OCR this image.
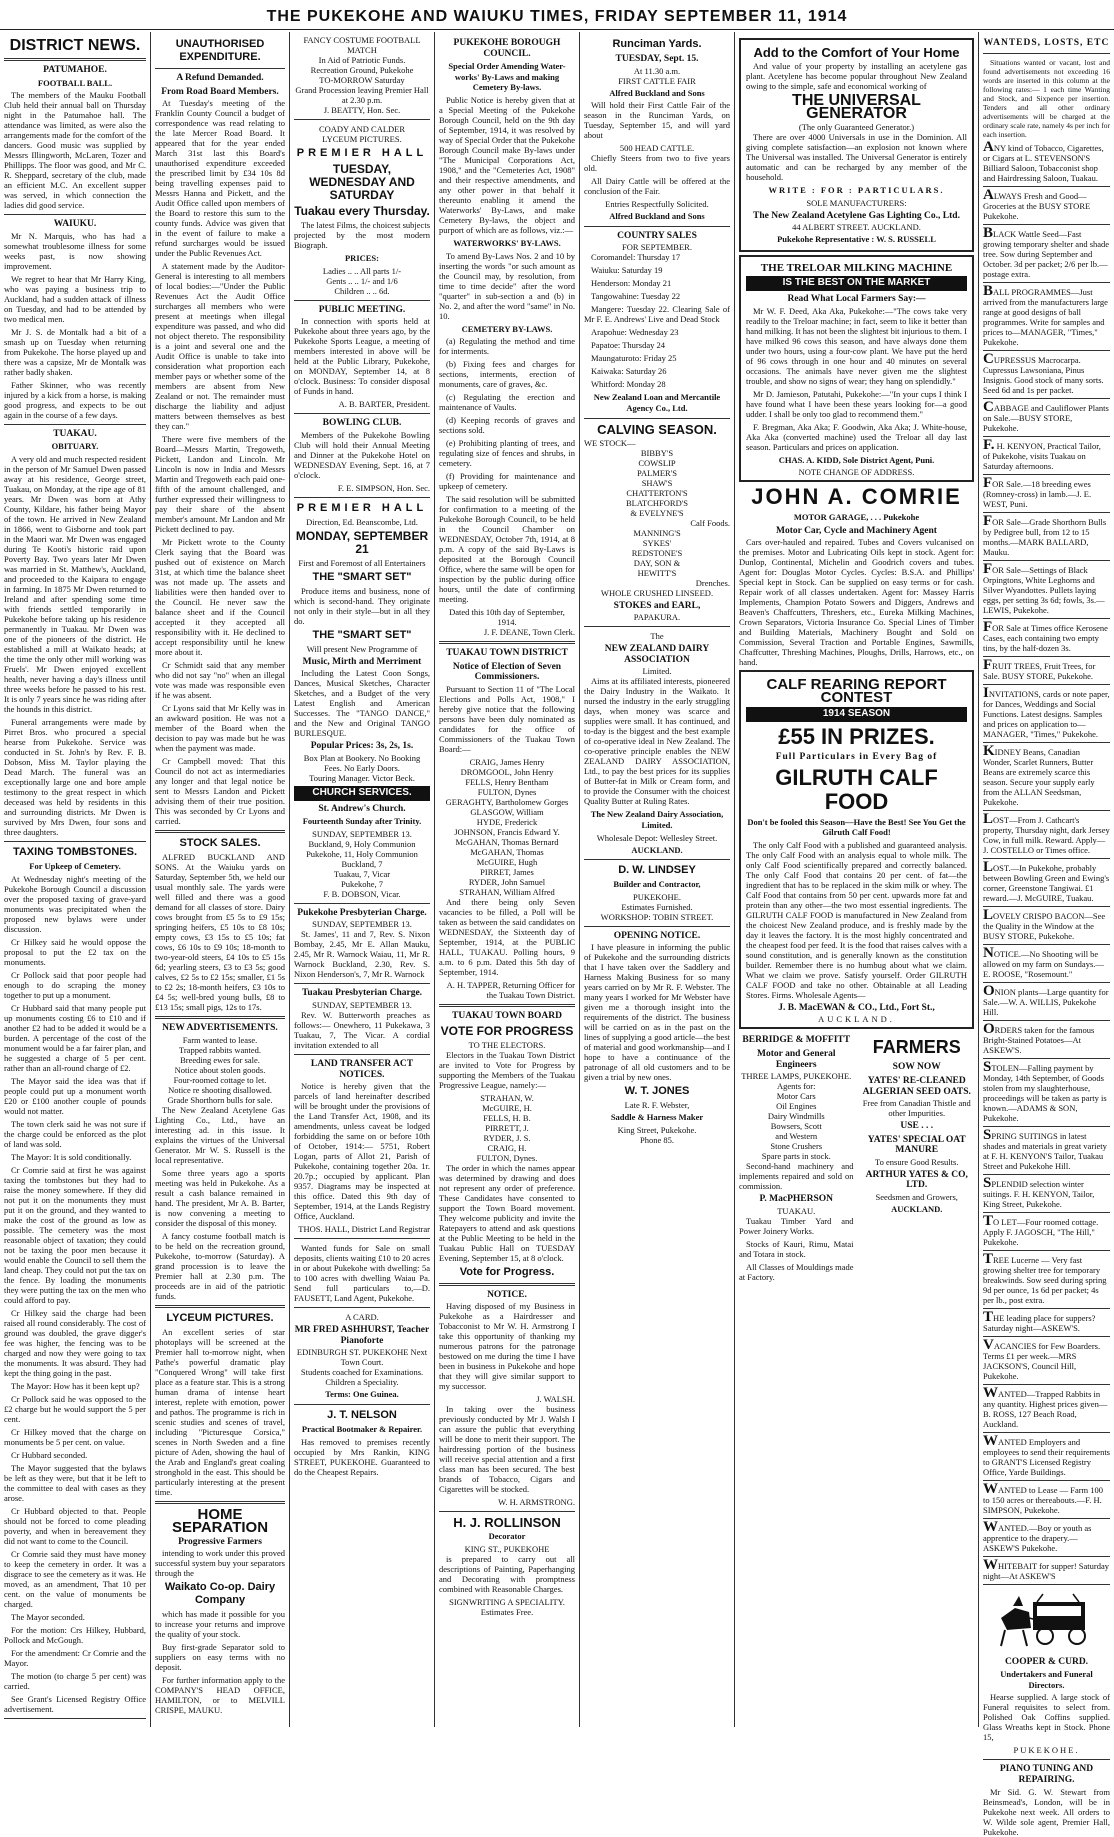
THE PUKEKOHE AND WAIUKU TIMES, FRIDAY SEPTEMBER 11, 1914
DISTRICT NEWS.
PATUMAHOE.
FOOTBALL BALL.
The members of the Mauku Football Club held their annual ball on Thursday night in the Patumahoe hall. The attendance was limited, as were also the arrangements made for the comfort of the dancers. Good music was supplied by Messrs Illingworth, McLaren, Tozer and Phillipps. The floor was good, and Mr C. R. Sheppard, secretary of the club, made an efficient M.C. An excellent supper was served, in which connection the ladies did good service.
WAIUKU.
Mr N. Marquis, who has had a somewhat troublesome illness for some weeks past, is now showing improvement.
We regret to hear that Mr Harry King, who was paying a business trip to Auckland, had a sudden attack of illness on Tuesday, and had to be attended by two medical men.
Mr J. S. de Montalk had a bit of a smash up on Tuesday when returning from Pukekohe. The horse played up and there was a capsize, Mr de Montalk was rather badly shaken.
Father Skinner, who was recently injured by a kick from a horse, is making good progress, and expects to be out again in the course of a few days.
TUAKAU.
OBITUARY.
A very old and much respected resident in the person of Mr Samuel Dwen passed away at his residence, George street, Tuakau, on Monday, at the ripe age of 81 years. Mr Dwen was born at Athy County, Kildare, his father being Mayor of the town. He arrived in New Zealand in 1866, went to Gisborne and took part in the Maori war. Mr Dwen was engaged during Te Kooti's historic raid upon Poverty Bay. Two years later Mr Dwen was married in St. Matthew's, Auckland, and proceeded to the Kaipara to engage in farming. In 1875 Mr Dwen returned to Ireland and after spending some time with friends settled temporarily in Pukekohe before taking up his residence permanently in Tuakau. Mr Dwen was one of the pioneers of the district. He established a mill at Waikato heads; at the time the only other mill working was Fruels'. Mr Dwen enjoyed excellent health, never having a day's illness until three weeks before he passed to his rest. It is only 7 years since he was riding after the hounds in this district.
Funeral arrangements were made by Pirret Bros. who procured a special hearse from Pukekohe. Service was conducted in St. John's by Rev. F. B. Dobson, Miss M. Taylor playing the Dead March. The funeral was an exceptionally large one and bore ample testimony to the great respect in which deceased was held by residents in this and surrounding districts. Mr Dwen is survived by Mrs Dwen, four sons and three daughters.
TAXING TOMBSTONES.
For Upkeep of Cemetery.
At Wednesday night's meeting of the Pukekohe Borough Council a discussion over the proposed taxing of grave-yard monuments was precipitated when the proposed new bylaws were under discussion.
Cr Hilkey said he would oppose the proposal to put the £2 tax on the monuments.
Cr Pollock said that poor people had enough to do scraping the money together to put up a monument.
Cr Hubbard said that many people put up monuments costing £6 to £10 and if another £2 had to be added it would be a burden. A percentage of the cost of the monument would be a far fairer plan, and he suggested a charge of 5 per cent. rather than an all-round charge of £2.
The Mayor said the idea was that if people could put up a monument worth £20 or £100 another couple of pounds would not matter.
The town clerk said he was not sure if the charge could be enforced as the plot of land was sold.
The Mayor: It is sold conditionally.
Cr Comrie said at first he was against taxing the tombstones but they had to raise the money somewhere. If they did not put it on the monuments they must put it on the ground, and they wanted to make the cost of the ground as low as possible. The cemetery was the most reasonable object of taxation; they could not be taxing the poor men because it would enable the Council to sell them the land cheap. They could not put the tax on the fence. By loading the monuments they were putting the tax on the men who could afford to pay.
Cr Hilkey said the charge had been raised all round considerably. The cost of ground was doubled, the grave digger's fee was higher, the fencing was to be charged and now they were going to tax the monuments. It was absurd. They had kept the thing going in the past.
The Mayor: How has it been kept up?
Cr Pollock said he was opposed to the £2 charge but he would support the 5 per cent.
Cr Hilkey moved that the charge on monuments be 5 per cent. on value.
Cr Hubbard seconded.
The Mayor suggested that the bylaws be left as they were, but that it be left to the committee to deal with cases as they arose.
Cr Hubbard objected to that. People should not be forced to come pleading poverty, and when in bereavement they did not want to come to the Council.
Cr Comrie said they must have money to keep the cemetery in order. It was a disgrace to see the cemetery as it was. He moved, as an amendment, That 10 per cent. on the value of monuments be charged.
The Mayor seconded.
For the motion: Crs Hilkey, Hubbard, Pollock and McGough.
For the amendment: Cr Comrie and the Mayor.
The motion (to charge 5 per cent) was carried.
See Grant's Licensed Registry Office advertisement.
UNAUTHORISED EXPENDITURE.
A Refund Demanded.
From Road Board Members.
At Tuesday's meeting of the Franklin County Council a budget of correspondence was read relating to the late Mercer Road Board. It appeared that for the year ended March 31st last this Board's unauthorised expenditure exceeded the prescribed limit by £34 10s 8d being travelling expenses paid to Messrs Hanna and Pickett, and the Audit Office called upon members of the Board to restore this sum to the county funds. Advice was given that in the event of failure to make a refund surcharges would be issued under the Public Revenues Act.
A statement made by the Auditor-General is interesting to all members of local bodies:—"Under the Public Revenues Act the Audit Office surcharges all members who were present at meetings when illegal expenditure was passed, and who did not object thereto. The responsibility is a joint and several one and the Audit Office is unable to take into consideration what proportion each member pays or whether some of the members are absent from New Zealand or not. The remainder must discharge the liability and adjust matters between themselves as best they can."
There were five members of the Board—Messrs Martin, Tregoweth, Pickett, Landon and Lincoln. Mr Lincoln is now in India and Messrs Martin and Tregoweth each paid one-fifth of the amount challenged, and further expressed their willingness to pay their share of the absent member's amount. Mr Landon and Mr Pickett declined to pay.
Mr Pickett wrote to the County Clerk saying that the Board was pushed out of existence on March 31st, at which time the balance sheet was not made up. The assets and liabilities were then handed over to the Council. He never saw the balance sheet and if the Council accepted it they accepted all responsibility with it. He declined to accept responsibility until he knew more about it.
Cr Schmidt said that any member who did not say "no" when an illegal vote was made was responsible even if he was absent.
Cr Lyons said that Mr Kelly was in an awkward position. He was not a member of the Board when the decision to pay was made but he was when the payment was made.
Cr Campbell moved: That this Council do not act as intermediaries any longer and that legal notice be sent to Messrs Landon and Pickett advising them of their true position. This was seconded by Cr Lyons and carried.
STOCK SALES.
ALFRED BUCKLAND AND SONS. At the Waiuku yards on Saturday, September 5th, we held our usual monthly sale. The yards were well filled and there was a good demand for all classes of store. Dairy cows brought from £5 5s to £9 15s; springing heifers, £5 10s to £8 10s; empty cows, £3 15s to £5 10s; fat cows, £6 10s to £9 10s; 18-month to two-year-old steers, £4 10s to £5 15s 6d; yearling steers, £3 to £3 5s; good calves, £2 5s to £2 15s; smaller, £1 5s to £2 2s; 18-month heifers, £3 10s to £4 5s; well-bred young bulls, £8 to £13 15s; small pigs, 12s to 17s.
NEW ADVERTISEMENTS.
Farm wanted to lease.
Trapped rabbits wanted.
Breeding ewes for sale.
Notice about stolen goods.
Four-roomed cottage to let.
Notice re shooting disallowed.
Grade Shorthorn bulls for sale.
The New Zealand Acetylene Gas Lighting Co., Ltd., have an interesting ad. in this issue. It explains the virtues of the Universal Generator. Mr W. S. Russell is the local representative.
Some three years ago a sports meeting was held in Pukekohe. As a result a cash balance remained in hand. The president, Mr A. B. Barter, is now convening a meeting to consider the disposal of this money.
A fancy costume football match is to be held on the recreation ground, Pukekohe, to-morrow (Saturday). A grand procession is to leave the Premier hall at 2.30 p.m. The proceeds are in aid of the patriotic funds.
LYCEUM PICTURES.
An excellent series of star photoplays will be screened at the Premier hall to-morrow night, when Pathe's powerful dramatic play "Conquered Wrong" will take first place as a feature star. This is a strong human drama of intense heart interest, replete with emotion, power and pathos. The programme is rich in scenic studies and scenes of travel, including "Picturesque Corsica," scenes in North Sweden and a fine picture of Aden, showing the haul of the Arab and England's great coaling stronghold in the east. This should be particularly interesting at the present time.
HOME SEPARATION
Progressive Farmers
intending to work under this proved successful system buy your separators through the
Waikato Co-op. Dairy Company
which has made it possible for you to increase your returns and improve the quality of your stock.
Buy first-grade Separator sold to suppliers on easy terms with no deposit.
For further information apply to the COMPANY'S HEAD OFFICE, HAMILTON, or to MELVILL CRISPE, MAUKU.
FANCY COSTUME FOOTBALL MATCH
In Aid of Patriotic Funds.
Recreation Ground, Pukekohe
TO-MORROW Saturday
Grand Procession leaving Premier Hall at 2.30 p.m.
J. BEATTY, Hon. Sec.
COADY AND CALDER
LYCEUM PICTURES.
PREMIER HALL
TUESDAY, WEDNESDAY AND SATURDAY
Tuakau every Thursday.
The latest Films, the choicest subjects projected by the most modern Biograph.
PRICES:
Ladies .. .. All parts 1/-
Gents .. .. 1/- and 1/6
Children .. .. 6d.
PUBLIC MEETING.
In connection with sports held at Pukekohe about three years ago, by the Pukekohe Sports League, a meeting of members interested in above will be held at the Public Library, Pukekohe, on MONDAY, September 14, at 8 o'clock. Business: To consider disposal of Funds in hand.
A. B. BARTER, President.
BOWLING CLUB.
Members of the Pukekohe Bowling Club will hold their Annual Meeting and Dinner at the Pukekohe Hotel on WEDNESDAY Evening, Sept. 16, at 7 o'clock.
F. E. SIMPSON, Hon. Sec.
PREMIER HALL
Direction, Ed. Beanscombe, Ltd.
MONDAY, SEPTEMBER 21
First and Foremost of all Entertainers
THE "SMART SET"
Produce items and business, none of which is second-hand. They originate not only in their style—but in all they do.
THE "SMART SET"
Will present New Programme of
Music, Mirth and Merriment
Including the Latest Coon Songs, Dances, Musical Sketches, Character Sketches, and a Budget of the very Latest English and American Successes. The "TANGO DANCE," and the New and Original TANGO BURLESQUE.
Popular Prices: 3s, 2s, 1s.
Box Plan at Bookery. No Booking Fees. No Early Doors.
Touring Manager. Victor Beck.
CHURCH SERVICES.
St. Andrew's Church.
Fourteenth Sunday after Trinity.
SUNDAY, SEPTEMBER 13.
Buckland, 9, Holy Communion
Pukekohe, 11, Holy Communion
Buckland, 7
Tuakau, 7, Vicar
Pukekohe, 7
F. B. DOBSON, Vicar.
Pukekohe Presbyterian Charge.
SUNDAY, SEPTEMBER 13.
St. James', 11 and 7, Rev. S. Nixon Bombay, 2.45, Mr E. Allan Mauku, 2.45, Mr R. Warnock Waiau, 11, Mr R. Warnock Buckland, 2.30, Rev. S. Nixon Henderson's, 7, Mr R. Warnock
Tuakau Presbyterian Charge.
SUNDAY, SEPTEMBER 13.
Rev. W. Butterworth preaches as follows:— Onewhero, 11 Pukekawa, 3 Tuakau, 7, The Vicar. A cordial invitation extended to all
LAND TRANSFER ACT NOTICES.
Notice is hereby given that the parcels of land hereinafter described will be brought under the provisions of the Land Transfer Act, 1908, and its amendments, unless caveat be lodged forbidding the same on or before 10th of October, 1914:— 5751, Robert Logan, parts of Allot 21, Parish of Pukekohe, containing together 20a. 1r. 20.7p.; occupied by applicant. Plan 9357. Diagrams may be inspected at this office. Dated this 9th day of September, 1914, at the Lands Registry Office, Auckland.
THOS. HALL, District Land Registrar
Wanted funds for Sale on small deposits, clients waiting £10 to 20 acres in or about Pukekohe with dwelling: 5a to 100 acres with dwelling Waiau Pa. Send full particulars to,—D. FAUSETT, Land Agent, Pukekohe.
A CARD.
MR FRED ASHHURST, Teacher Pianoforte
EDINBURGH ST. PUKEKOHE Next Town Court.
Students coached for Examinations. Children a Speciality.
Terms: One Guinea.
J. T. NELSON
Practical Bootmaker & Repairer.
Has removed to premises recently occupied by Mrs Rankin, KING STREET, PUKEKOHE. Guaranteed to do the Cheapest Repairs.
PUKEKOHE BOROUGH COUNCIL.
Special Order Amending Water-works' By-Laws and making Cemetery By-laws.
Public Notice is hereby given that at a Special Meeting of the Pukekohe Borough Council, held on the 9th day of September, 1914, it was resolved by way of Special Order that the Pukekohe Borough Council make By-laws under "The Municipal Corporations Act, 1908," and the "Cemeteries Act, 1908" and their respective amendments, and any other power in that behalf it thereunto enabling it amend the Waterworks' By-Laws, and make Cemetery By-laws, the object and purport of which are as follows, viz.:—
WATERWORKS' BY-LAWS.
To amend By-Laws Nos. 2 and 10 by inserting the words "or such amount as the Council may, by resolution, from time to time decide" after the word "quarter" in sub-section a and (b) in No. 2, and after the word "same" in No. 10.
CEMETERY BY-LAWS.
(a) Regulating the method and time for interments.
(b) Fixing fees and charges for sections, interments, erection of monuments, care of graves, &c.
(c) Regulating the erection and maintenance of Vaults.
(d) Keeping records of graves and sections sold.
(e) Prohibiting planting of trees, and regulating size of fences and shrubs, in cemetery.
(f) Providing for maintenance and upkeep of cemetery.
The said resolution will be submitted for confirmation to a meeting of the Pukekohe Borough Council, to be held in the Council Chamber on WEDNESDAY, October 7th, 1914, at 8 p.m. A copy of the said By-Laws is deposited at the Borough Council Office, where the same will be open for inspection by the public during office hours, until the date of confirming meeting.
Dated this 10th day of September, 1914.
J. F. DEANE, Town Clerk.
TUAKAU TOWN DISTRICT
Notice of Election of Seven Commissioners.
Pursuant to Section 11 of "The Local Elections and Polls Act, 1908," I hereby give notice that the following persons have been duly nominated as candidates for the office of Commissioners of the Tuakau Town Board:—
CRAIG, James Henry
DROMGOOL, John Henry
FELLS, Henry Bentham
FULTON, Dynes
GERAGHTY, Bartholomew Gorges
GLASGOW, William
HYDE, Frederick
JOHNSON, Francis Edward Y.
McGAHAN, Thomas Bernard
McGAHAN, Thomas
McGUIRE, Hugh
PIRRET, James
RYDER, John Samuel
STRAHAN, William Alfred
And there being only Seven vacancies to be filled, a Poll will be taken as between the said candidates on WEDNESDAY, the Sixteenth day of September, 1914, at the PUBLIC HALL, TUAKAU. Polling hours, 9 a.m. to 6 p.m. Dated this 5th day of September, 1914.
A. H. TAPPER, Returning Officer for the Tuakau Town District.
TUAKAU TOWN BOARD
VOTE FOR PROGRESS
TO THE ELECTORS.
Electors in the Tuakau Town District are invited to Vote for Progress by supporting the Members of the Tuakau Progressive League, namely:—
STRAHAN, W.
McGUIRE, H.
FELLS, H. B.
PIRRETT, J.
RYDER, J. S.
CRAIG, H.
FULTON, Dynes.
The order in which the names appear was determined by drawing and does not represent any order of preference. These Candidates have consented to support the Town Board movement. They welcome publicity and invite the Ratepayers to attend and ask questions at the Public Meeting to be held in the Tuakau Public Hall on TUESDAY Evening, September 15, at 8 o'clock.
Vote for Progress.
NOTICE.
Having disposed of my Business in Pukekohe as a Hairdresser and Tobacconist to Mr W. H. Armstrong I take this opportunity of thanking my numerous patrons for the patronage bestowed on me during the time I have been in business in Pukekohe and hope that they will give similar support to my successor.
J. WALSH.
In taking over the business previously conducted by Mr J. Walsh I can assure the public that everything will be done to merit their support. The hairdressing portion of the business will receive special attention and a first class man has been secured. The best brands of Tobacco, Cigars and Cigarettes will be stocked.
W. H. ARMSTRONG.
H. J. ROLLINSON
Decorator
KING ST., PUKEKOHE
is prepared to carry out all descriptions of Painting, Paperhanging and Decorating with promptness combined with Reasonable Charges.
SIGNWRITING A SPECIALITY.
Estimates Free.
Runciman Yards.
TUESDAY, Sept. 15.
At 11.30 a.m.
FIRST CATTLE FAIR
Alfred Buckland and Sons
Will hold their First Cattle Fair of the season in the Runciman Yards, on Tuesday, September 15, and will yard about
500 HEAD CATTLE.
Chiefly Steers from two to five years old.
All Dairy Cattle will be offered at the conclusion of the Fair.
Entries Respectfully Solicited.
Alfred Buckland and Sons
COUNTRY SALES
FOR SEPTEMBER.
Coromandel: Thursday 17
Waiuku: Saturday 19
Henderson: Monday 21
Tangowahine: Tuesday 22
Mangere: Tuesday 22. Clearing Sale of Mr F. E. Andrews' Live and Dead Stock
Arapohue: Wednesday 23
Papatoe: Thursday 24
Maungaturoto: Friday 25
Kaiwaka: Saturday 26
Whitford: Monday 28
New Zealand Loan and Mercantile Agency Co., Ltd.
CALVING SEASON.
WE STOCK—
BIBBY'S
COWSLIP
PALMER'S
SHAW'S
CHATTERTON'S
BLATCHFORD'S
& EVELYNE'S
Calf Foods.
MANNING'S
SYKES'
REDSTONE'S
DAY, SON &
HEWITT'S
Drenches.
WHOLE CRUSHED LINSEED.
STOKES and EARL,
PAPAKURA.
The
NEW ZEALAND DAIRY ASSOCIATION
Limited.
Aims at its affiliated interests, pioneered the Dairy Industry in the Waikato. It nursed the industry in the early struggling days, when money was scarce and supplies were small. It has continued, and to-day is the biggest and the best example of co-operative ideal in New Zealand. The co-operative principle enables the NEW ZEALAND DAIRY ASSOCIATION, Ltd., to pay the best prices for its supplies of Butter-fat in Milk or Cream form, and to provide the Consumer with the choicest Quality Butter at Ruling Rates.
The New Zealand Dairy Association, Limited.
Wholesale Depot: Wellesley Street.
AUCKLAND.
D. W. LINDSEY
Builder and Contractor,
PUKEKOHE.
Estimates Furnished.
WORKSHOP: TOBIN STREET.
OPENING NOTICE.
I have pleasure in informing the public of Pukekohe and the surrounding districts that I have taken over the Saddlery and Harness Making Business for so many years carried on by Mr R. F. Webster. The many years I worked for Mr Webster have given me a thorough insight into the requirements of the district. The business will be carried on as in the past on the lines of supplying a good article—the best of material and good workmanship—and I hope to have a continuance of the patronage of all old customers and to be given a trial by new ones.
W. T. JONES
Late R. F. Webster,
Saddle & Harness Maker
King Street, Pukekohe.
Phone 85.
Add to the Comfort of Your Home
And value of your property by installing an acetylene gas plant. Acetylene has become popular throughout New Zealand owing to the simple, safe and economical working of
THE UNIVERSAL GENERATOR
(The only Guaranteed Generator.)
There are over 4000 Universals in use in the Dominion. All giving complete satisfaction—an explosion not known where The Universal was installed. The Universal Generator is entirely automatic and can be recharged by any member of the household.
WRITE : FOR : PARTICULARS.
SOLE MANUFACTURERS:
The New Zealand Acetylene Gas Lighting Co., Ltd.
44 ALBERT STREET. AUCKLAND.
Pukekohe Representative : W. S. RUSSELL
THE TRELOAR MILKING MACHINE
IS THE BEST ON THE MARKET
Read What Local Farmers Say:—
Mr W. F. Deed, Aka Aka, Pukekohe:—"The cows take very readily to the Treloar machine; in fact, seem to like it better than hand milking. It has not been the slightest bit injurious to them. I have milked 96 cows this season, and have always done them under two hours, using a four-cow plant. We have put the herd of 96 cows through in one hour and 40 minutes on several occasions. The animals have never given me the slightest trouble, and show no signs of wear; they hang on splendidly."
Mr D. Jamieson, Patutahi, Pukekohe:—"In your cups I think I have found what I have been these years looking for—a good udder. I shall be only too glad to recommend them."
F. Bregman, Aka Aka; F. Goodwin, Aka Aka; J. White-house, Aka Aka (converted machine) used the Treloar all day last season. Particulars and prices on application.
CHAS. A. KIDD, Sole District Agent, Puni.
NOTE CHANGE OF ADDRESS.
JOHN A. COMRIE
MOTOR GARAGE, . . . Pukekohe
Motor Car, Cycle and Machinery Agent
Cars over-hauled and repaired. Tubes and Covers vulcanised on the premises. Motor and Lubricating Oils kept in stock. Agent for: Dunlop, Continental, Michelin and Goodrich covers and tubes. Agent for: Douglas Motor Cycles. Cycles: B.S.A. and Phillips' Special kept in Stock. Can be supplied on easy terms or for cash. Repair work of all classes undertaken. Agent for: Massey Harris Implements, Champion Potato Sowers and Diggers, Andrews and Beaven's Chaffcutters, Threshers, etc., Eureka Milking Machines, Crown Separators, Victoria Insurance Co. Special Lines of Timber and Building Materials, Machinery Bought and Sold on Commission, Several Traction and Portable Engines, Sawmills, Chaffcutter, Threshing Machines, Ploughs, Drills, Harrows, etc., on hand.
CALF REARING REPORT CONTEST
1914 SEASON
£55 IN PRIZES.
Full Particulars in Every Bag of
GILRUTH CALF FOOD
Don't be fooled this Season—Have the Best! See You Get the Gilruth Calf Food!
The only Calf Food with a published and guaranteed analysis. The only Calf Food with an analysis equal to whole milk. The only Calf Food scientifically prepared and correctly balanced. The only Calf Food that contains 20 per cent. of fat—the ingredient that has to be replaced in the skim milk or whey. The Calf Food that contains from 50 per cent. upwards more fat and protein than any other—the two most essential ingredients. The GILRUTH CALF FOOD is manufactured in New Zealand from the choicest New Zealand produce, and is freshly made by the day it leaves the factory. It is the most highly concentrated and the cheapest food per feed. It is the food that raises calves with a sound constitution, and is generally known as the constitution builder. Remember there is no humbug about what we claim. What we claim we prove. Satisfy yourself. Order GILRUTH CALF FOOD and take no other. Obtainable at all Leading Stores. Firms. Wholesale Agents—
J. B. MacEWAN & CO., Ltd., Fort St.,
AUCKLAND.
BERRIDGE & MOFFITT
Motor and General Engineers
THREE LAMPS, PUKEKOHE.
Agents for:
Motor Cars
Oil Engines
Dairy Windmills
Bowsers, Scott
and Western
Stone Crushers
Spare parts in stock.
Second-hand machinery and implements repaired and sold on commission.
P. MacPHERSON
TUAKAU.
Tuakau Timber Yard and Power Joinery Works.
Stocks of Kauri, Rimu, Matai and Totara in stock.
All Classes of Mouldings made at Factory.
FARMERS
SOW NOW
YATES' RE-CLEANED ALGERIAN SEED OATS.
Free from Canadian Thistle and other Impurities.
USE . . .
YATES' SPECIAL OAT MANURE
To ensure Good Results.
ARTHUR YATES & CO, LTD.
Seedsmen and Growers,
AUCKLAND.
WANTEDS, LOSTS, ETC
Situations wanted or vacant, lost and found advertisements not exceeding 16 words are inserted in this column at the following rates:— 1 each time Wanting and Stock, and Sixpence per insertion. Tenders and all other ordinary advertisements will be charged at the ordinary scale rate, namely 4s per inch for each insertion.
ANY kind of Tobacco, Cigarettes, or Cigars at L. STEVENSON'S Billiard Saloon, Tobacconist shop and Hairdressing Saloon, Tuakau.
ALWAYS Fresh and Good—Groceries at the BUSY STORE Pukekohe.
BLACK Wattle Seed—Fast growing temporary shelter and shade tree. Sow during September and October. 3d per packet; 2/6 per lb.—postage extra.
BALL PROGRAMMES—Just arrived from the manufacturers large range at good designs of ball programmes. Write for samples and prices to—MANAGER, "Times," Pukekohe.
CUPRESSUS Macrocarpa. Cupressus Lawsoniana, Pinus Insignis. Good stock of many sorts. Seed 6d and 1s per packet.
CABBAGE and Cauliflower Plants on Sale.—BUSY STORE, Pukekohe.
F. H. KENYON, Practical Tailor, of Pukekohe, visits Tuakau on Saturday afternoons.
FOR Sale.—18 breeding ewes (Romney-cross) in lamb.—J. E. WEST, Puni.
FOR Sale—Grade Shorthorn Bulls by Pedigree bull, from 12 to 15 months.—MARK BALLARD, Mauku.
FOR Sale—Settings of Black Orpingtons, White Leghorns and Silver Wyandottes. Pullets laying eggs, per setting 3s 6d; fowls, 3s.—LEWIS, Pukekohe.
FOR Sale at Times office Kerosene Cases, each containing two empty tins, by the half-dozen 3s.
FRUIT TREES, Fruit Trees, for Sale. BUSY STORE, Pukekohe.
INVITATIONS, cards or note paper, for Dances, Weddings and Social Functions. Latest designs. Samples and prices on application to—MANAGER, "Times," Pukekohe.
KIDNEY Beans, Canadian Wonder, Scarlet Runners, Butter Beans are extremely scarce this season. Secure your supply early from the ALLAN Seedsman, Pukekohe.
LOST—From J. Cathcart's property, Thursday night, dark Jersey Cow, in full milk. Reward. Apply—J. COSTELLO or Times office.
LOST.—In Pukekohe, probably between Bowling Green and Ewing's corner, Greenstone Tangiwai. £1 reward.—J. McGUIRE, Tuakau.
LOVELY CRISPO BACON—See the Quality in the Window at the BUSY STORE, Pukekohe.
NOTICE.—No Shooting will be allowed on my farm on Sundays.—E. ROOSE, "Rosemount."
ONION plants—Large quantity for Sale.—W. A. WILLIS, Pukekohe Hill.
ORDERS taken for the famous Bright-Stained Potatoes—At ASKEW'S.
STOLEN—Falling payment by Monday, 14th September, of Goods stolen from my slaughterhouse, proceedings will be taken as party is known.—ADAMS & SON, Pukekohe.
SPRING SUITINGS in latest shades and materials in great variety at F. H. KENYON'S Tailor, Tuakau Street and Pukekohe Hill.
SPLENDID selection winter suitings. F. H. KENYON, Tailor, King Street, Pukekohe.
TO LET—Four roomed cottage. Apply F. JAGOSCH, "The Hill," Pukekohe.
TREE Lucerne — Very fast growing shelter tree for temporary breakwinds. Sow seed during spring 9d per ounce, 1s 6d per packet; 4s per lb., post extra.
THE leading place for suppers? Saturday night—ASKEW'S.
VACANCIES for Few Boarders. Terms £1 per week.—MRS JACKSON'S, Council Hill, Pukekohe.
WANTED—Trapped Rabbits in any quantity. Highest prices given—B. ROSS, 127 Beach Road, Auckland.
WANTED Employers and employees to send their requirements to GRANT'S Licensed Registry Office, Yarde Buildings.
WANTED to Lease — Farm 100 to 150 acres or thereabouts.—F. H. SIMPSON, Pukekohe.
WANTED.—Boy or youth as apprentice to the drapery.—ASKEW'S Pukekohe.
WHITEBAIT for supper! Saturday night—At ASKEW'S
COOPER & CURD.
Undertakers and Funeral Directors.
Hearse supplied. A large stock of Funeral requisites to select from. Polished Oak Coffins supplied. Glass Wreaths kept in Stock. Phone 15,
PUKEKOHE.
PIANO TUNING AND REPAIRING.
Mr Sid. G. W. Stewart from Beinsmead's, London, will be in Pukekohe next week. All orders to W. Wilde sole agent, Premier Hall, Pukekohe.
